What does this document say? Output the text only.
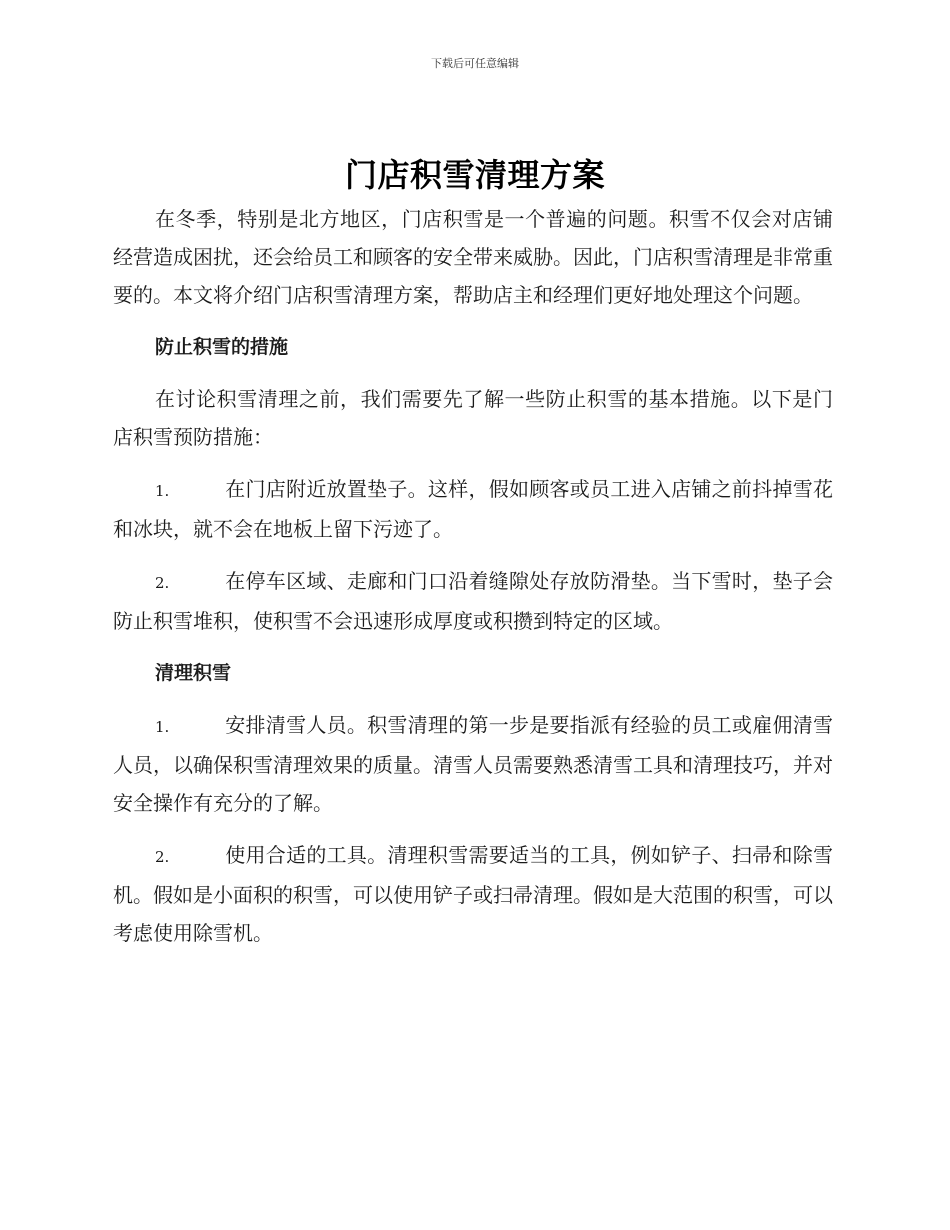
下载后可任意编辑
门店积雪清理方案

在冬季，特别是北方地区，门店积雪是一个普遍的问题。积雪不仅会对店铺经营造成困扰，还会给员工和顾客的安全带来威胁。因此，门店积雪清理是非常重要的。本文将介绍门店积雪清理方案，帮助店主和经理们更好地处理这个问题。

防止积雪的措施

在讨论积雪清理之前，我们需要先了解一些防止积雪的基本措施。以下是门店积雪预防措施：

1.	在门店附近放置垫子。这样，假如顾客或员工进入店铺之前抖掉雪花和冰块，就不会在地板上留下污迹了。

2.	在停车区域、走廊和门口沿着缝隙处存放防滑垫。当下雪时，垫子会防止积雪堆积，使积雪不会迅速形成厚度或积攒到特定的区域。

清理积雪

1.	安排清雪人员。积雪清理的第一步是要指派有经验的员工或雇佣清雪人员，以确保积雪清理效果的质量。清雪人员需要熟悉清雪工具和清理技巧，并对安全操作有充分的了解。

2.	使用合适的工具。清理积雪需要适当的工具，例如铲子、扫帚和除雪机。假如是小面积的积雪，可以使用铲子或扫帚清理。假如是大范围的积雪，可以考虑使用除雪机。
